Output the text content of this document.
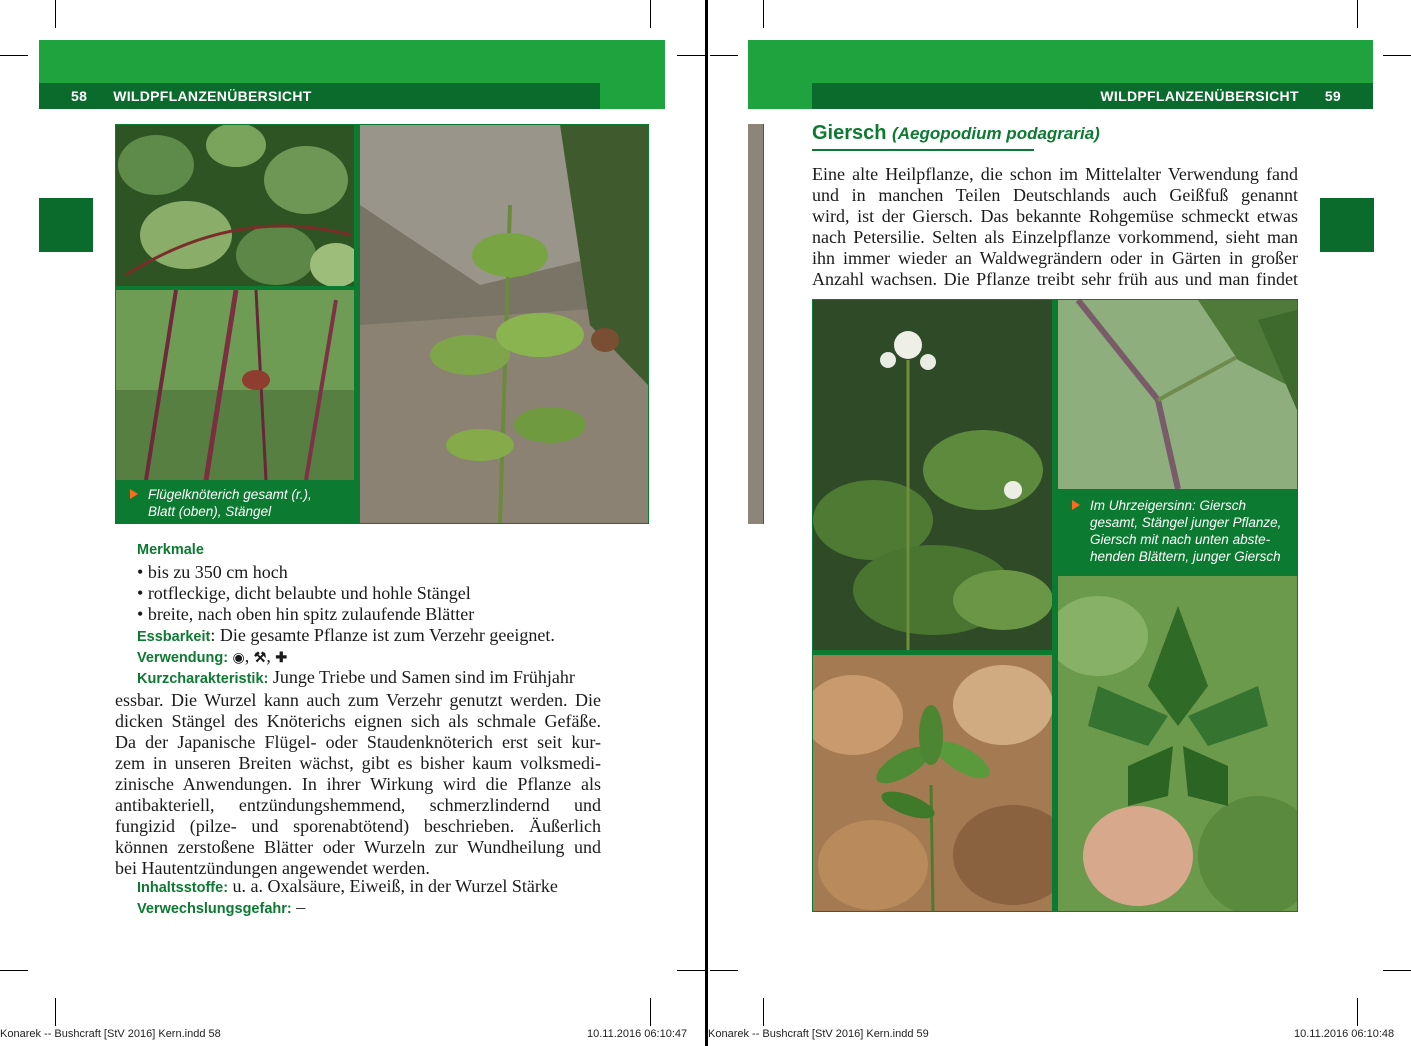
58 WILDPFLANZENÜBERSICHT
Flügelknöterich gesamt (r.),
Blatt (oben), Stängel
Merkmale
• bis zu 350 cm hoch
• rotfleckige, dicht belaubte und hohle Stängel
• breite, nach oben hin spitz zulaufende Blätter
Essbarkeit: Die gesamte Pflanze ist zum Verzehr geeignet.
Verwendung: ◉, ⚒, ✚
Kurzcharakteristik: Junge Triebe und Samen sind im Frühjahr
essbar. Die Wurzel kann auch zum Verzehr genutzt werden. Die
dicken Stängel des Knöterichs eignen sich als schmale Gefäße.
Da der Japanische Flügel- oder Staudenknöterich erst seit kur-
zem in unseren Breiten wächst, gibt es bisher kaum volksmedi-
zinische Anwendungen. In ihrer Wirkung wird die Pflanze als
antibakteriell, entzündungshemmend, schmerzlindernd und
fungizid (pilze- und sporenabtötend) beschrieben. Äußerlich
können zerstoßene Blätter oder Wurzeln zur Wundheilung und
bei Hautentzündungen angewendet werden.
Inhaltsstoffe: u. a. Oxalsäure, Eiweiß, in der Wurzel Stärke
Verwechslungsgefahr: –
WILDPFLANZENÜBERSICHT 59
Giersch (Aegopodium podagraria)
Eine alte Heilpflanze, die schon im Mittelalter Verwendung fand
und in manchen Teilen Deutschlands auch Geißfuß genannt
wird, ist der Giersch. Das bekannte Rohgemüse schmeckt etwas
nach Petersilie. Selten als Einzelpflanze vorkommend, sieht man
ihn immer wieder an Waldwegrändern oder in Gärten in großer
Anzahl wachsen. Die Pflanze treibt sehr früh aus und man findet
Im Uhrzeigersinn: Giersch
gesamt, Stängel junger Pflanze,
Giersch mit nach unten abste-
henden Blättern, junger Giersch
Konarek -- Bushcraft [StV 2016] Kern.indd 58	10.11.2016 06:10:47 Konarek -- Bushcraft [StV 2016] Kern.indd 59	10.11.2016 06:10:48
